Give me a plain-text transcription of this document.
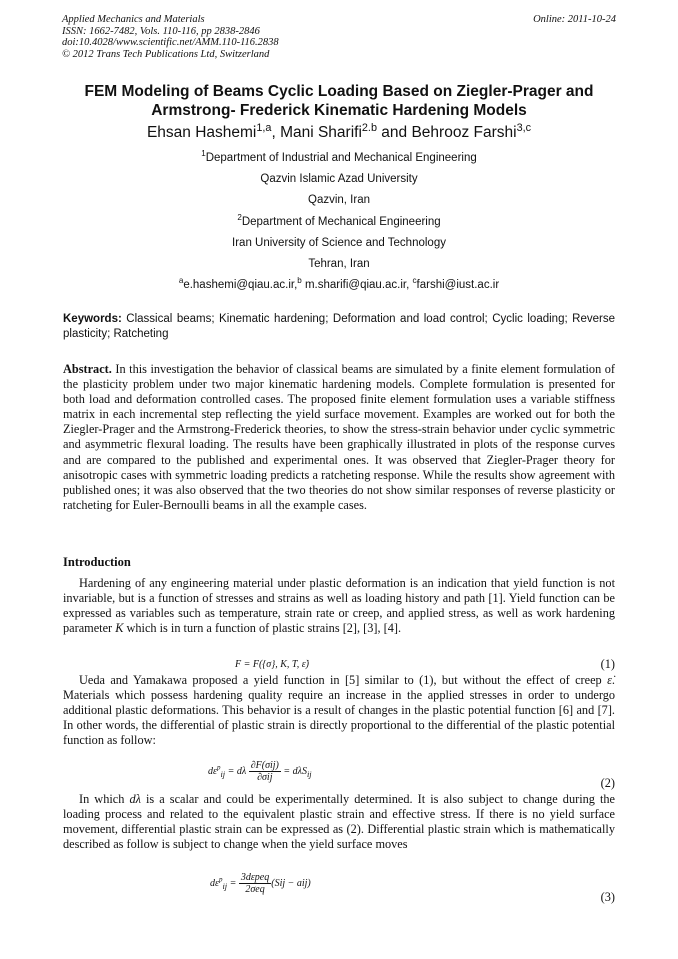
Applied Mechanics and Materials
ISSN: 1662-7482, Vols. 110-116, pp 2838-2846
doi:10.4028/www.scientific.net/AMM.110-116.2838
© 2012 Trans Tech Publications Ltd, Switzerland
Online: 2011-10-24
FEM Modeling of Beams Cyclic Loading Based on Ziegler-Prager and
Armstrong- Frederick Kinematic Hardening Models
Ehsan Hashemi$^{1,a}$, Mani Sharifi$^{2.b}$ and Behrooz Farshi$^{3,c}$
$^1$Department of Industrial and Mechanical Engineering
Qazvin Islamic Azad University
Qazvin, Iran
$^2$Department of Mechanical Engineering
Iran University of Science and Technology
Tehran, Iran
$^a$e.hashemi@qiau.ac.ir,$^b$ m.sharifi@qiau.ac.ir, $^c$farshi@iust.ac.ir
Keywords: Classical beams; Kinematic hardening; Deformation and load control; Cyclic loading; Reverse plasticity; Ratcheting
Abstract. In this investigation the behavior of classical beams are simulated by a finite element formulation of the plasticity problem under two major kinematic hardening models. Complete formulation is presented for both load and deformation controlled cases. The proposed finite element formulation uses a variable stiffness matrix in each incremental step reflecting the yield surface movement. Examples are worked out for both the Ziegler-Prager and the Armstrong-Frederick theories, to show the stress-strain behavior under cyclic symmetric and asymmetric flexural loading. The results have been graphically illustrated in plots of the response curves and are compared to the published and experimental ones. It was observed that Ziegler-Prager theory for anisotropic cases with symmetric loading predicts a ratcheting response. While the results show agreement with published ones; it was also observed that the two theories do not show similar responses of reverse plasticity or ratcheting for Euler-Bernoulli beams in all the example cases.
Introduction

Hardening of any engineering material under plastic deformation is an indication that yield function is not invariable, but is a function of stresses and strains as well as loading history and path [1]. Yield function can be expressed as variables such as temperature, strain rate or creep, and applied stress, as well as work hardening parameter K which is in turn a function of plastic strains [2], [3], [4].

F = F({σ}, K, T, ε̇)	(1)

Ueda and Yamakawa proposed a yield function in [5] similar to (1), but without the effect of creep ε̇. Materials which possess hardening quality require an increase in the applied stresses in order to undergo additional plastic deformations. This behavior is a result of changes in the plastic potential function [6] and [7]. In other words, the differential of plastic strain is directly proportional to the differential of the plastic potential function as follow:

$d\varepsilon^p_{ij} = d\lambda \frac{\text{∂F(σij)}}{\text{∂σij}} = d\lambda S_{ij}$
(2)

In which dλ is a scalar and could be experimentally determined. It is also subject to change during the loading process and related to the equivalent plastic strain and effective stress. If there is no yield surface movement, differential plastic strain can be expressed as (2). Differential plastic strain which is mathematically described as follow is subject to change when the yield surface moves

$d\varepsilon^p_{ij} = \frac{\text{3dεpeq}}{\text{2σeq}} (Sij - aij)$
(3)
